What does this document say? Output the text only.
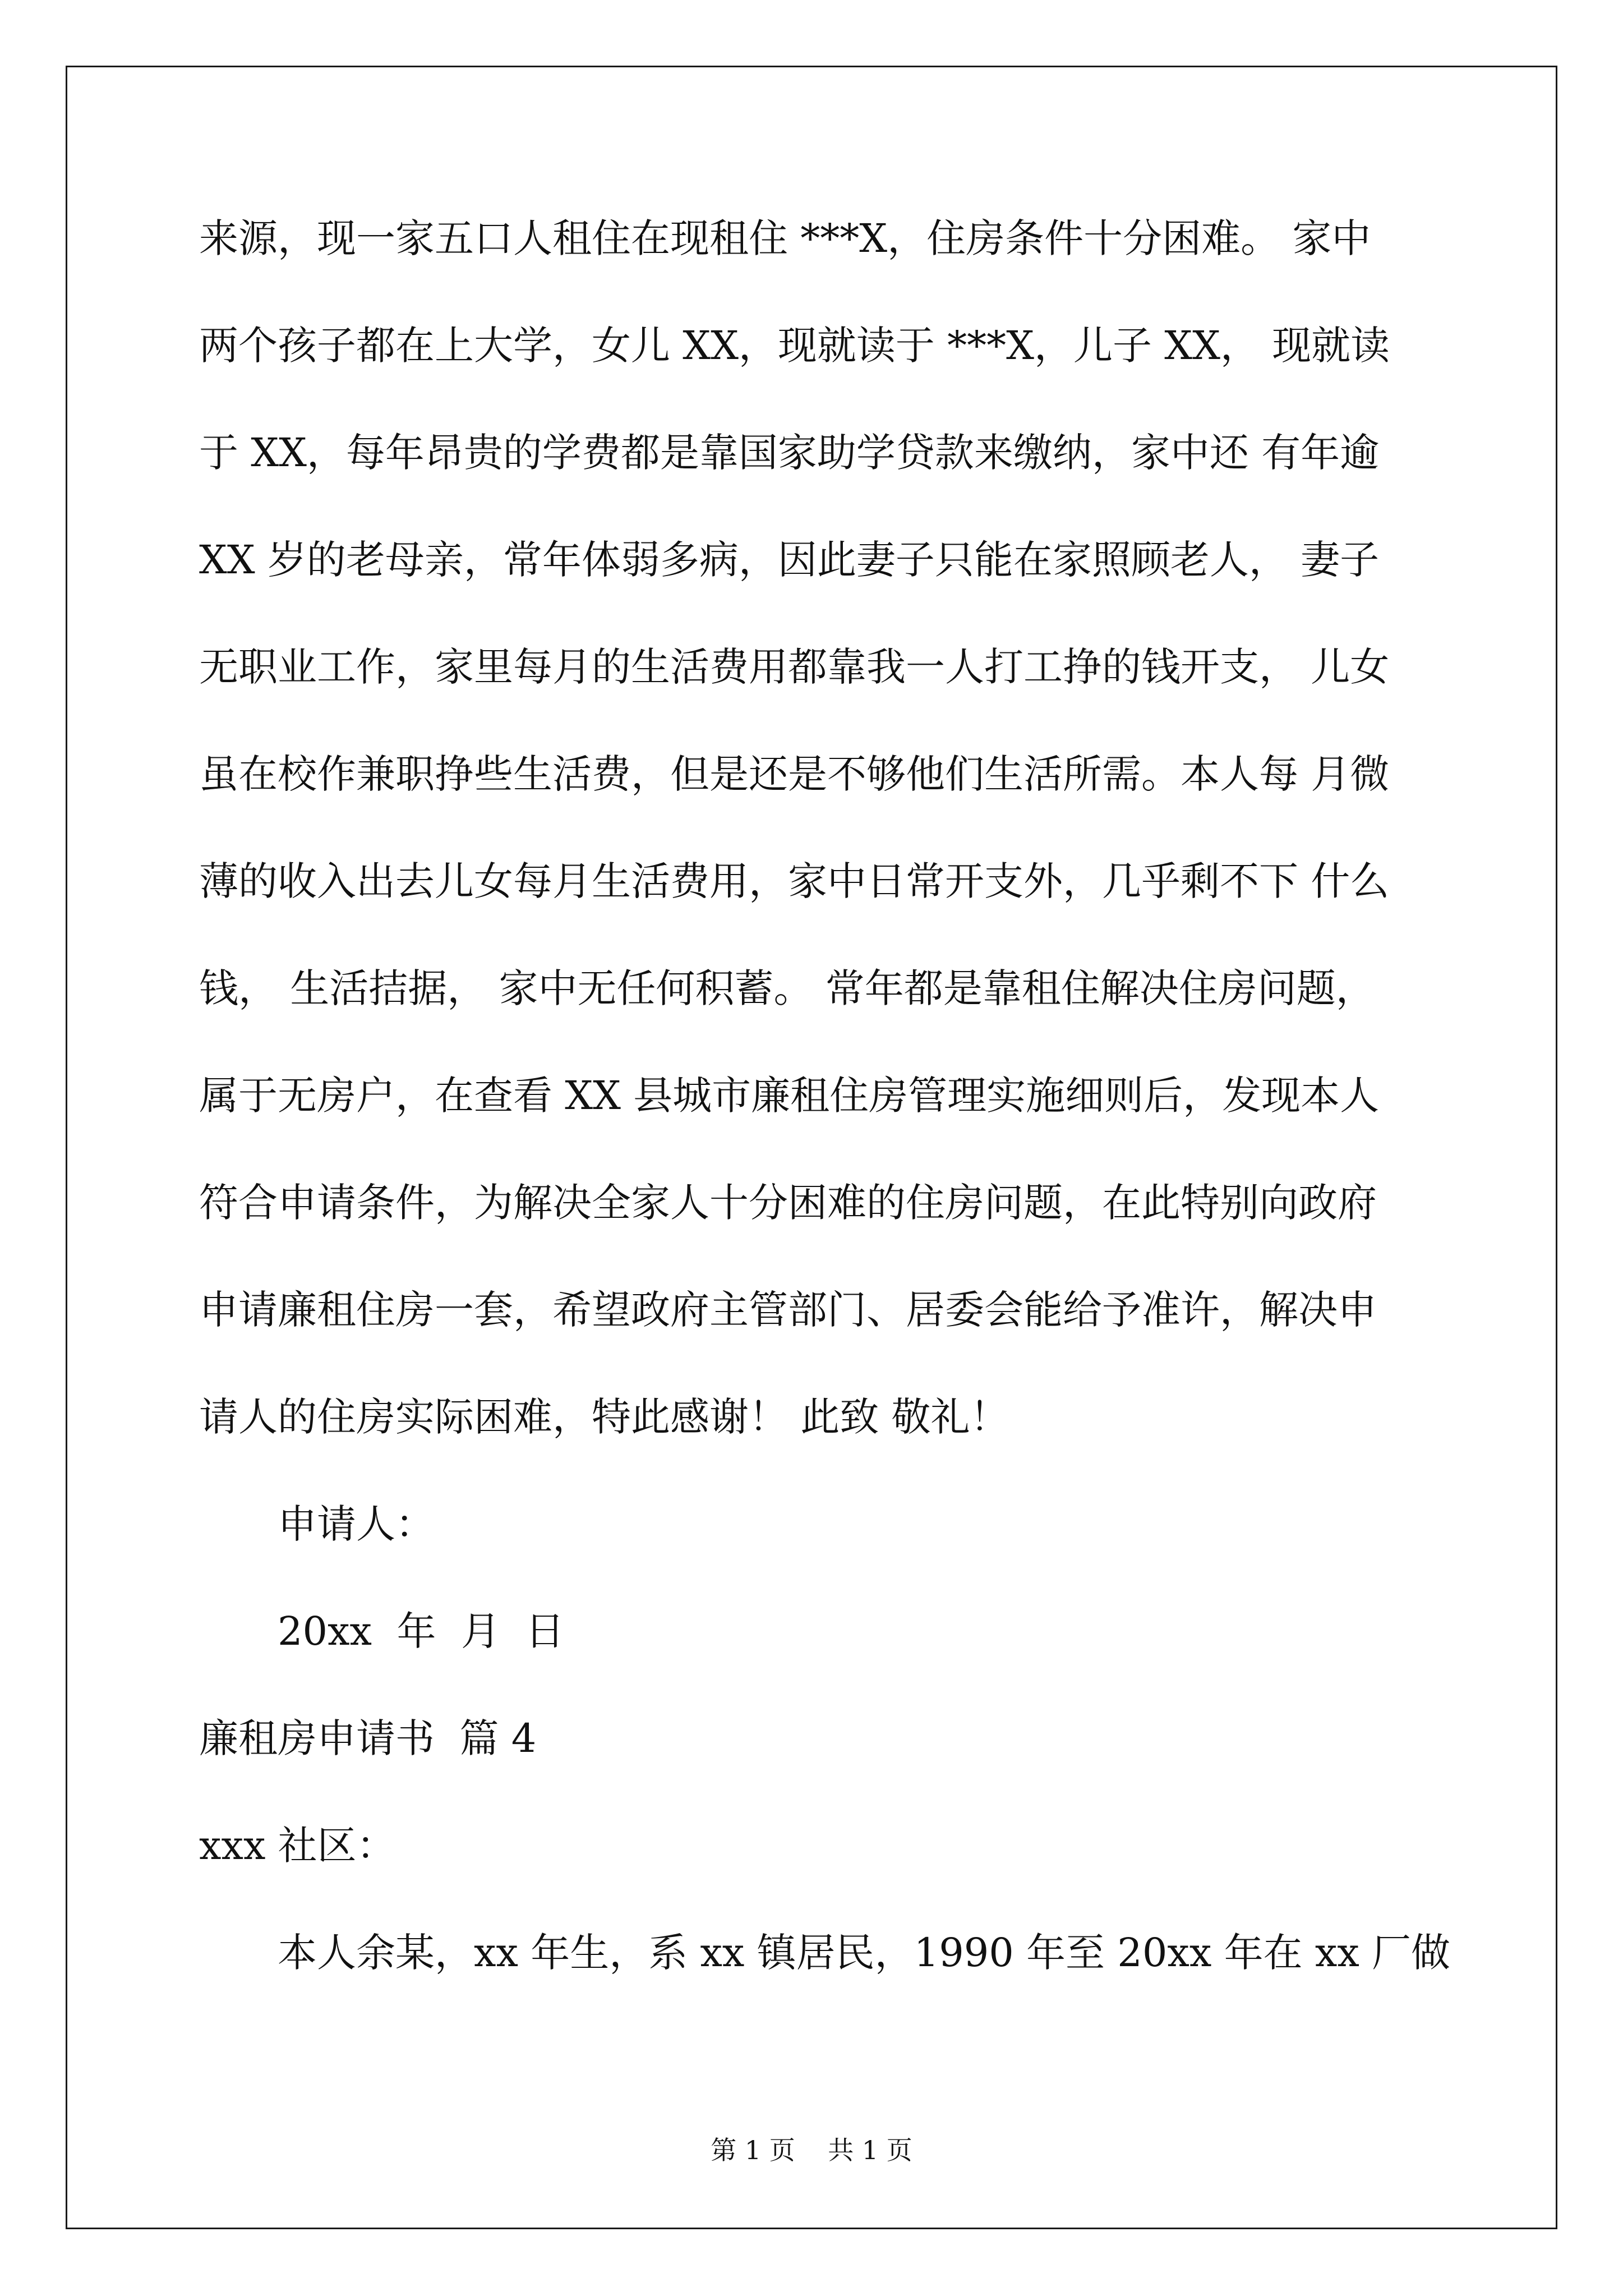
来源，现一家五口人租住在现租住 ***X，住房条件十分困难。 家中

两个孩子都在上大学，女儿 XX，现就读于 ***X，儿子 XX， 现就读

于 XX，每年昂贵的学费都是靠国家助学贷款来缴纳，家中还 有年逾

XX 岁的老母亲，常年体弱多病，因此妻子只能在家照顾老人， 妻子

无职业工作，家里每月的生活费用都靠我一人打工挣的钱开支， 儿女

虽在校作兼职挣些生活费，但是还是不够他们生活所需。本人每 月微

薄的收入出去儿女每月生活费用，家中日常开支外，几乎剩不下 什么

钱， 生活拮据， 家中无任何积蓄。 常年都是靠租住解决住房问题，

属于无房户，在查看 XX 县城市廉租住房管理实施细则后，发现本人

符合申请条件，为解决全家人十分困难的住房问题，在此特别向政府

申请廉租住房一套，希望政府主管部门、居委会能给予准许，解决申

请人的住房实际困难，特此感谢！ 此致 敬礼！

申请人：

20xx  年  月  日

廉租房申请书  篇 4

xxx 社区：

本人余某，xx 年生，系 xx 镇居民，1990 年至 20xx 年在 xx 厂做

第 1 页    共 1 页
